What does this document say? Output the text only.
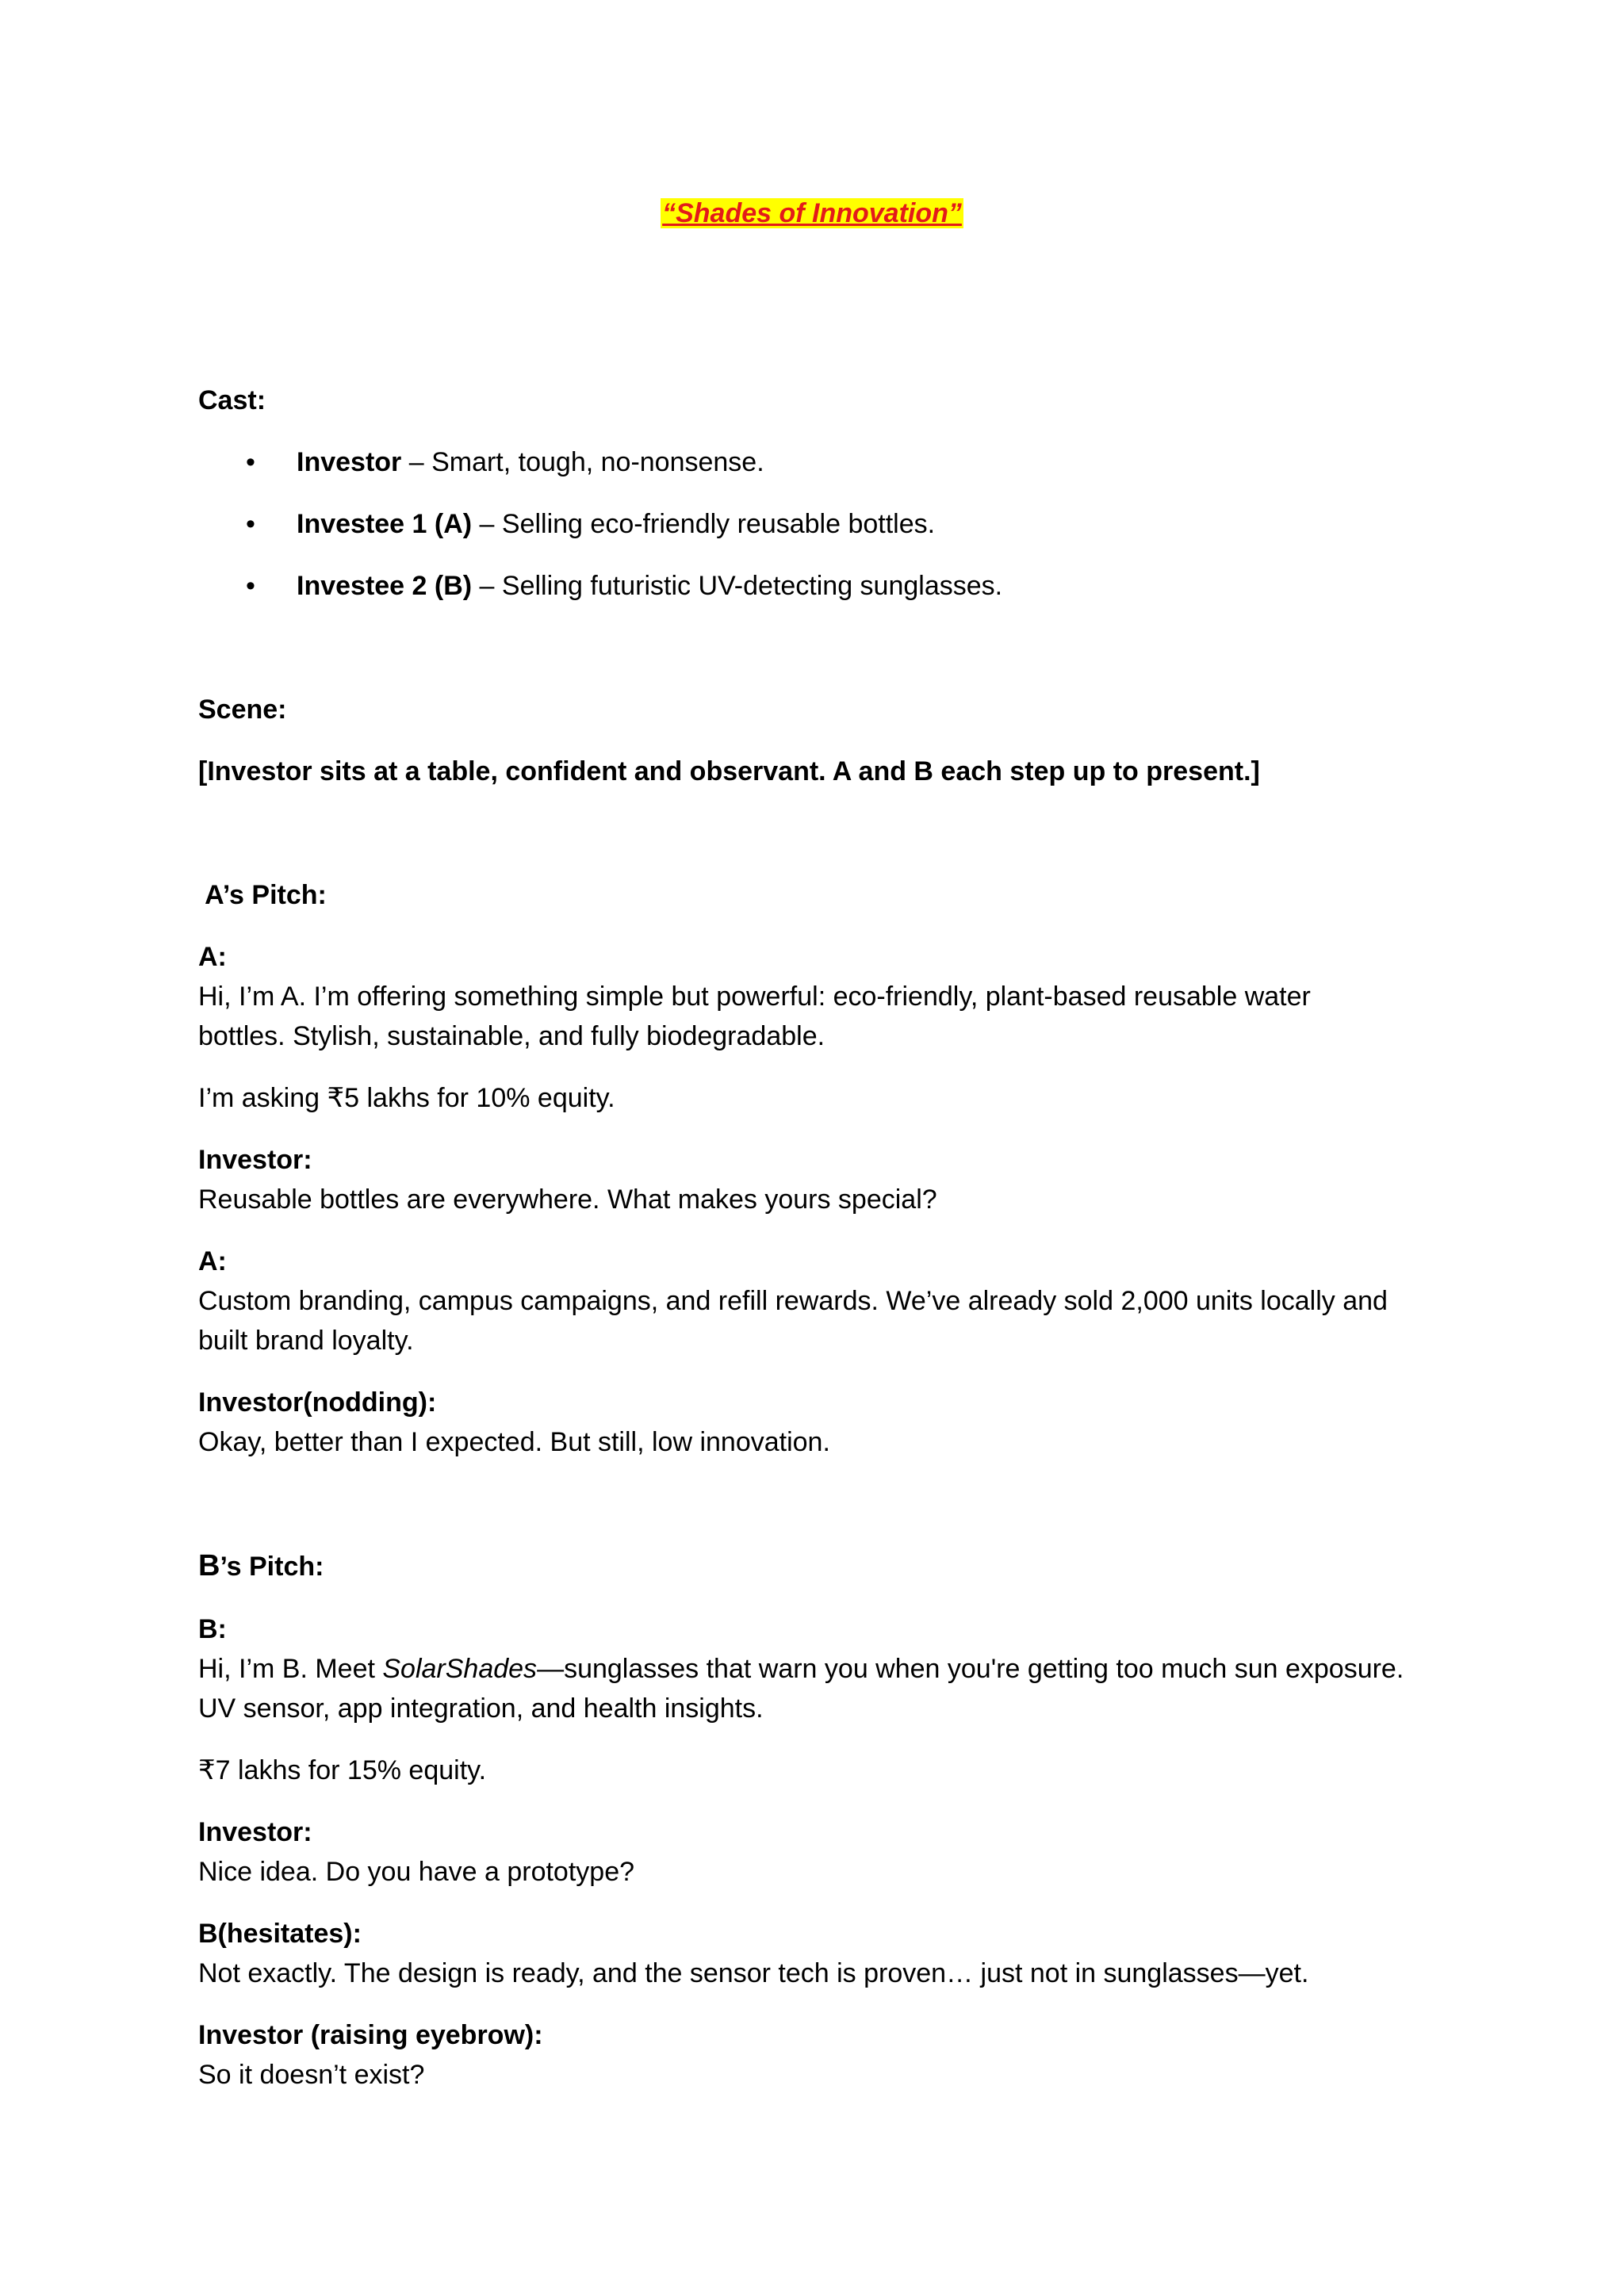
“Shades of Innovation”

Cast:

• Investor – Smart, tough, no-nonsense.

• Investee 1 (A) – Selling eco-friendly reusable bottles.

• Investee 2 (B) – Selling futuristic UV-detecting sunglasses.

Scene:

[Investor sits at a table, confident and observant. A and B each step up to present.]

A’s Pitch:

A:

Hi, I’m A. I’m offering something simple but powerful: eco-friendly, plant-based reusable water

bottles. Stylish, sustainable, and fully biodegradable.

I’m asking ₹5 lakhs for 10% equity.

Investor:

Reusable bottles are everywhere. What makes yours special?

A:

Custom branding, campus campaigns, and refill rewards. We’ve already sold 2,000 units locally and

built brand loyalty.

Investor(nodding):

Okay, better than I expected. But still, low innovation.

B’s Pitch:

B:

Hi, I’m B. Meet SolarShades—sunglasses that warn you when you're getting too much sun exposure.

UV sensor, app integration, and health insights.

₹7 lakhs for 15% equity.

Investor:

Nice idea. Do you have a prototype?

B(hesitates):

Not exactly. The design is ready, and the sensor tech is proven… just not in sunglasses—yet.

Investor (raising eyebrow):

So it doesn’t exist?
